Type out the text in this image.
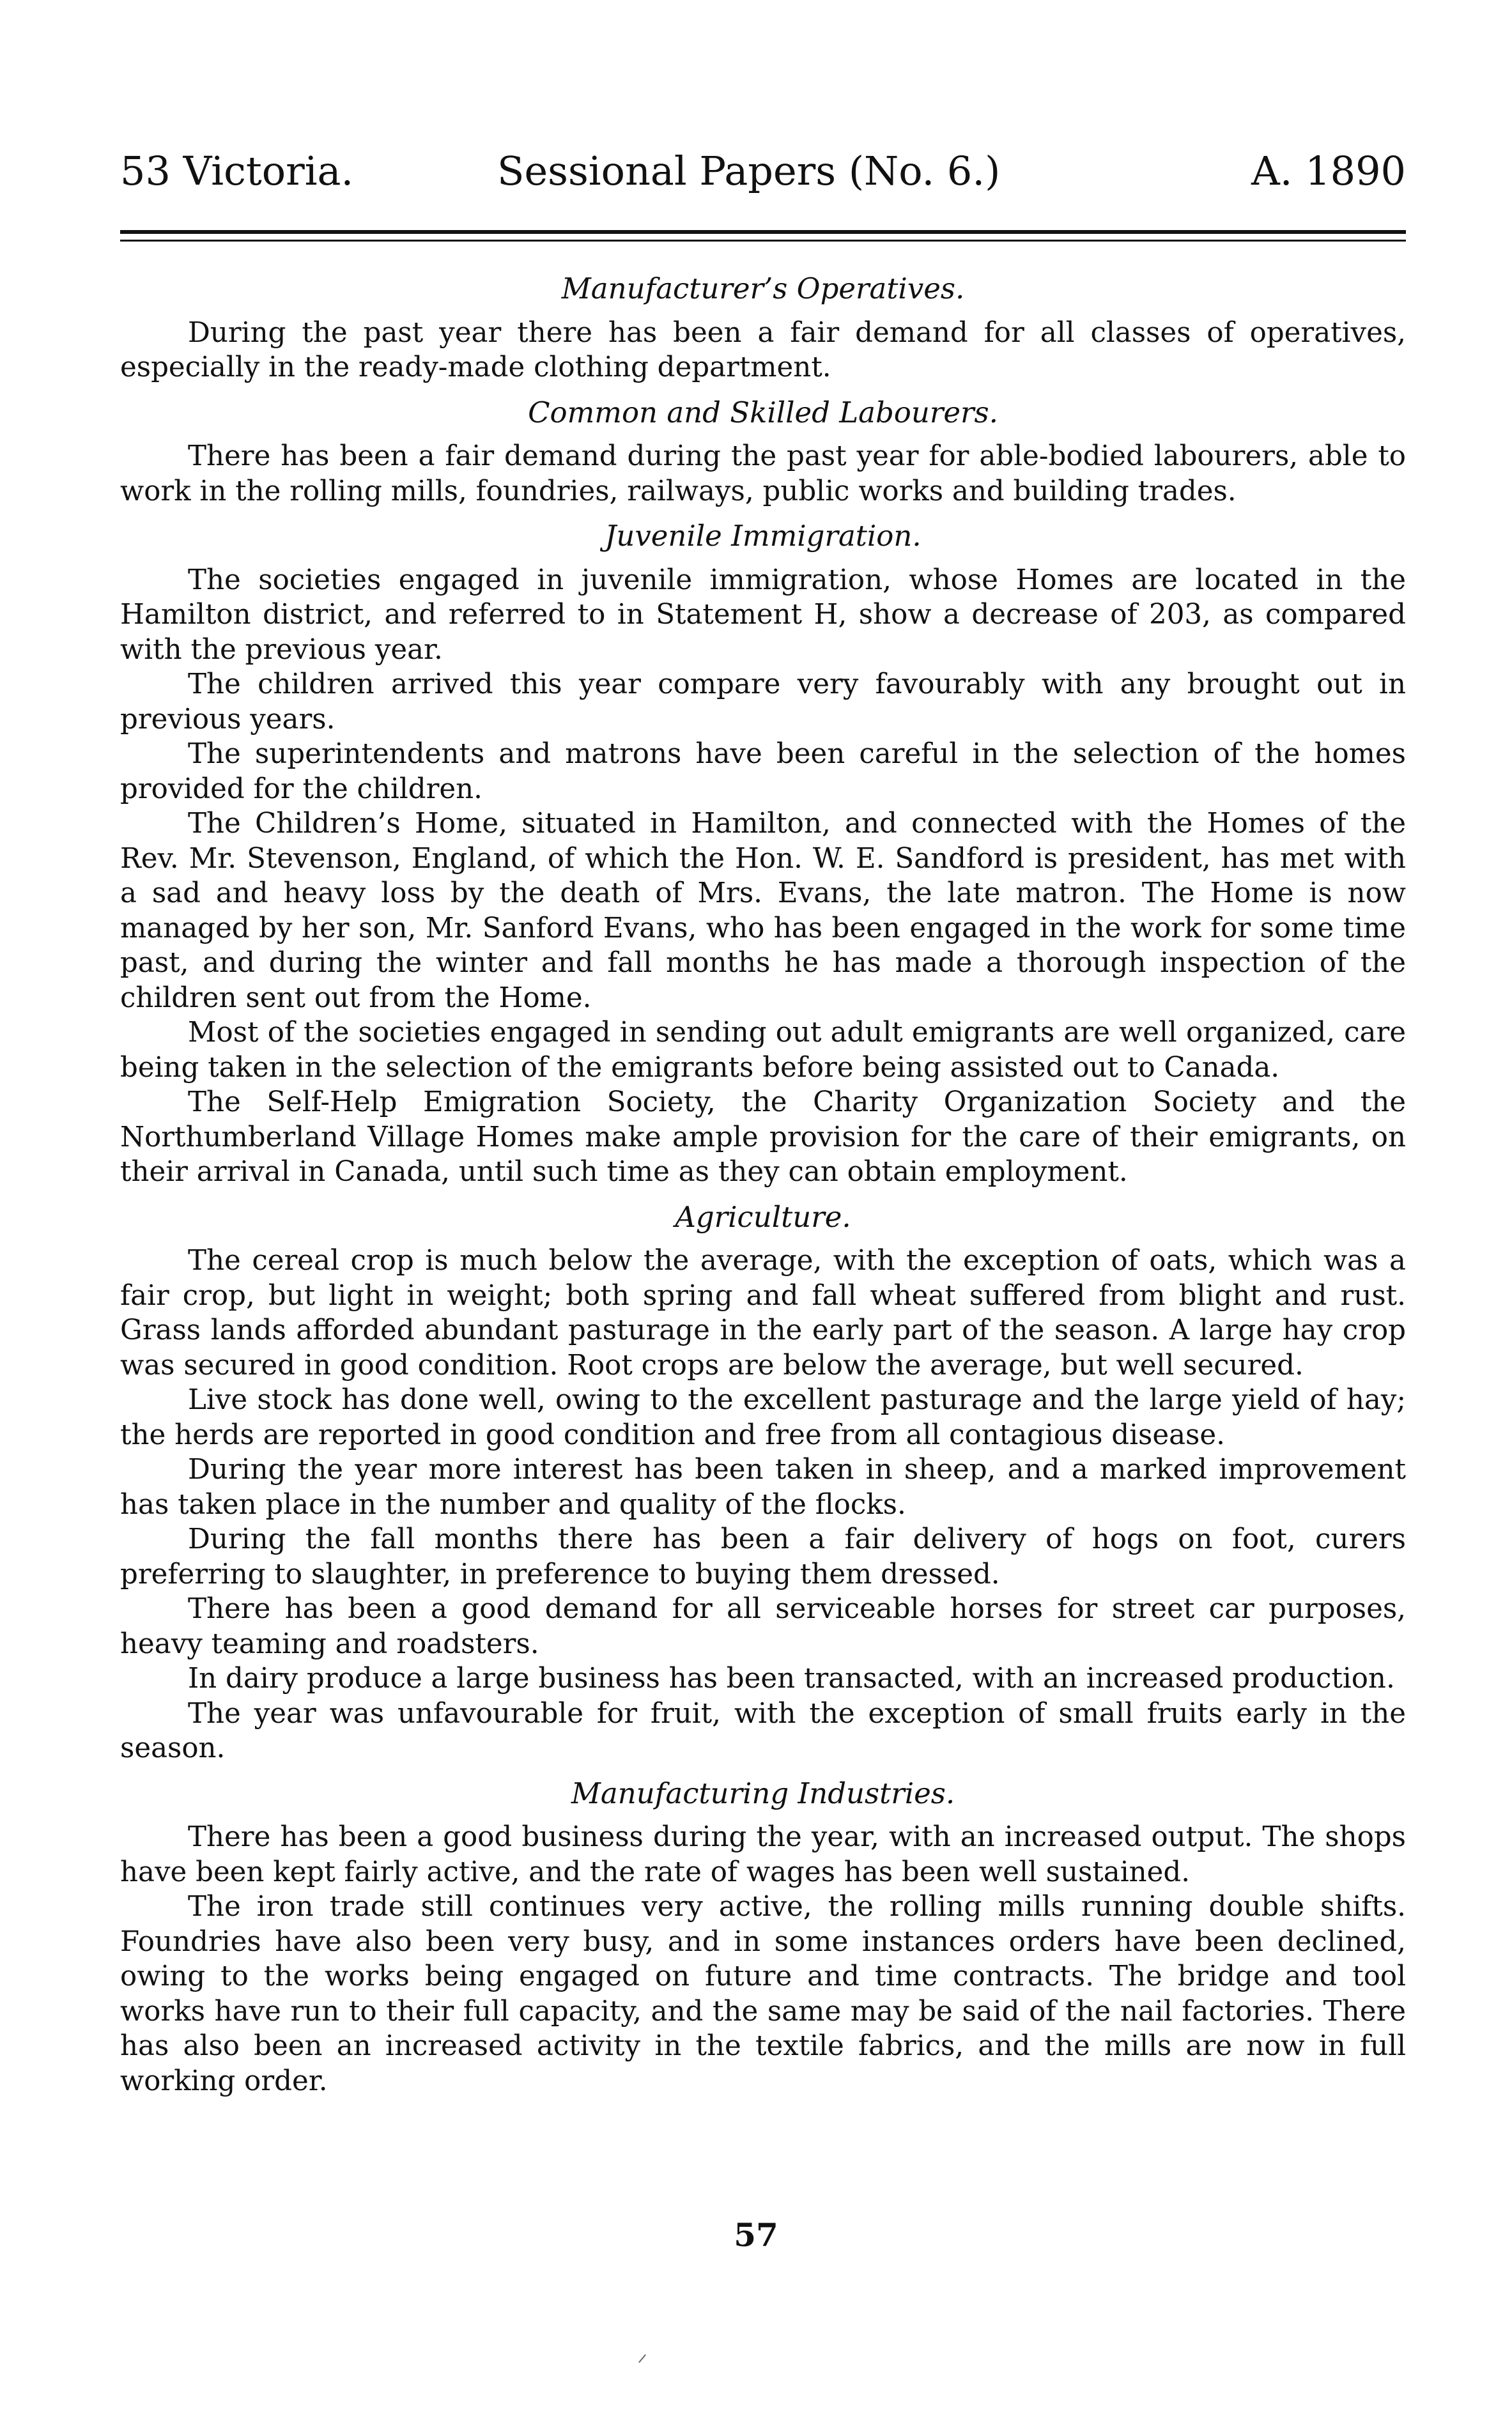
53 Victoria.	Sessional Papers (No. 6.)	A. 1890
Manufacturer’s Operatives.

During the past year there has been a fair demand for all classes of operatives, especially in the ready-made clothing department.

Common and Skilled Labourers.

There has been a fair demand during the past year for able-bodied labourers, able to work in the rolling mills, foundries, railways, public works and building trades.

Juvenile Immigration.

The societies engaged in juvenile immigration, whose Homes are located in the Hamilton district, and referred to in Statement H, show a decrease of 203, as compared with the previous year.

The children arrived this year compare very favourably with any brought out in previous years.

The superintendents and matrons have been careful in the selection of the homes provided for the children.

The Children’s Home, situated in Hamilton, and connected with the Homes of the Rev. Mr. Stevenson, England, of which the Hon. W. E. Sandford is president, has met with a sad and heavy loss by the death of Mrs. Evans, the late matron. The Home is now managed by her son, Mr. Sanford Evans, who has been engaged in the work for some time past, and during the winter and fall months he has made a thorough inspection of the children sent out from the Home.

Most of the societies engaged in sending out adult emigrants are well organized, care being taken in the selection of the emigrants before being assisted out to Canada.

The Self-Help Emigration Society, the Charity Organization Society and the Northumberland Village Homes make ample provision for the care of their emigrants, on their arrival in Canada, until such time as they can obtain employment.

Agriculture.

The cereal crop is much below the average, with the exception of oats, which was a fair crop, but light in weight; both spring and fall wheat suffered from blight and rust. Grass lands afforded abundant pasturage in the early part of the season. A large hay crop was secured in good condition. Root crops are below the average, but well secured.

Live stock has done well, owing to the excellent pasturage and the large yield of hay; the herds are reported in good condition and free from all contagious disease.

During the year more interest has been taken in sheep, and a marked improvement has taken place in the number and quality of the flocks.

During the fall months there has been a fair delivery of hogs on foot, curers preferring to slaughter, in preference to buying them dressed.

There has been a good demand for all serviceable horses for street car purposes, heavy teaming and roadsters.

In dairy produce a large business has been transacted, with an increased production.

The year was unfavourable for fruit, with the exception of small fruits early in the season.

Manufacturing Industries.

There has been a good business during the year, with an increased output. The shops have been kept fairly active, and the rate of wages has been well sustained.

The iron trade still continues very active, the rolling mills running double shifts. Foundries have also been very busy, and in some instances orders have been declined, owing to the works being engaged on future and time contracts. The bridge and tool works have run to their full capacity, and the same may be said of the nail factories. There has also been an increased activity in the textile fabrics, and the mills are now in full working order.

57
